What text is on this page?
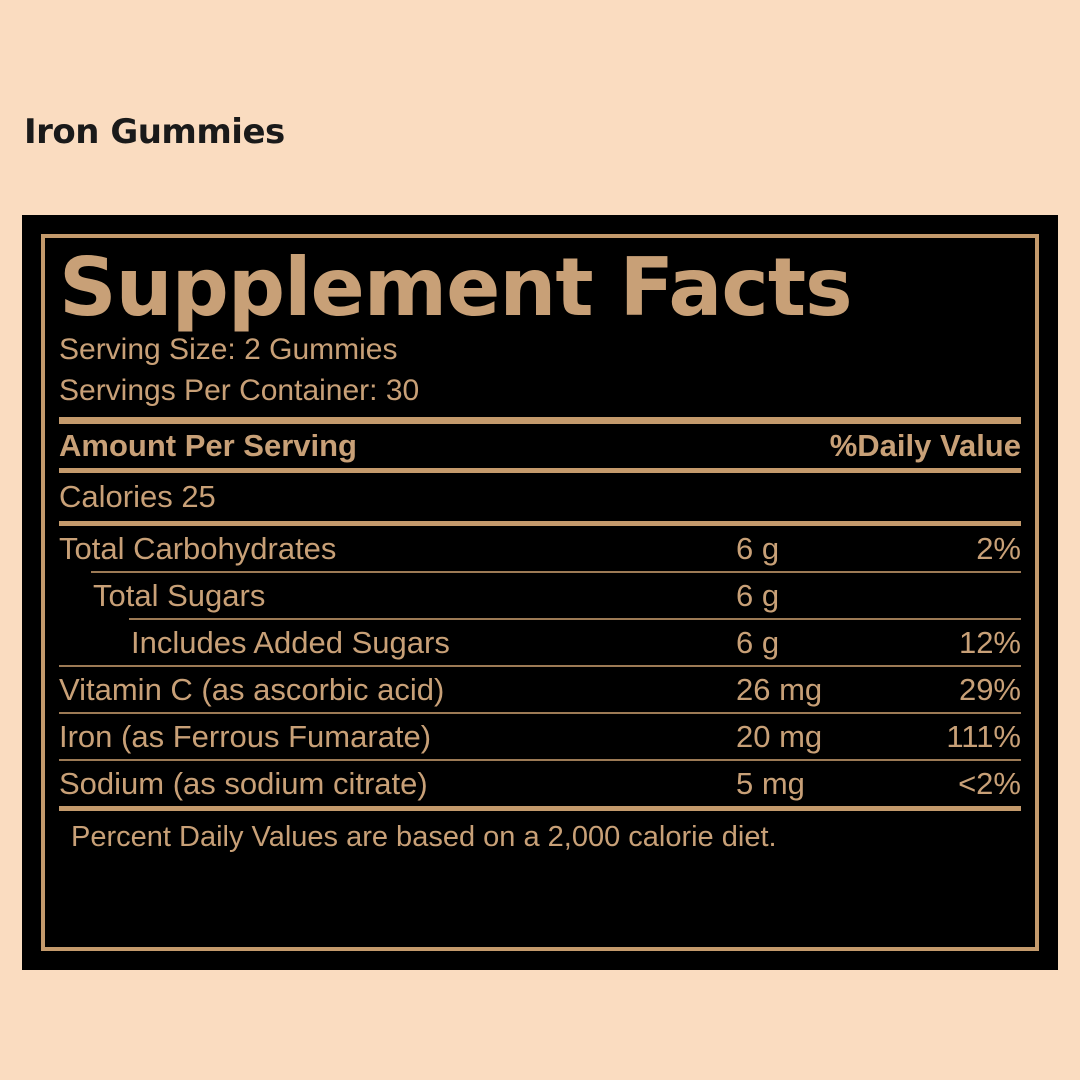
Iron Gummies
Supplement Facts
Serving Size: 2 Gummies
Servings Per Container: 30
Amount Per Serving	%Daily Value
Calories 25
Total Carbohydrates	6 g	2%
Total Sugars	6 g
Includes Added Sugars	6 g	12%
Vitamin C (as ascorbic acid)	26 mg	29%
Iron (as Ferrous Fumarate)	20 mg	111%
Sodium (as sodium citrate)	5 mg	<2%
Percent Daily Values are based on a 2,000 calorie diet.
